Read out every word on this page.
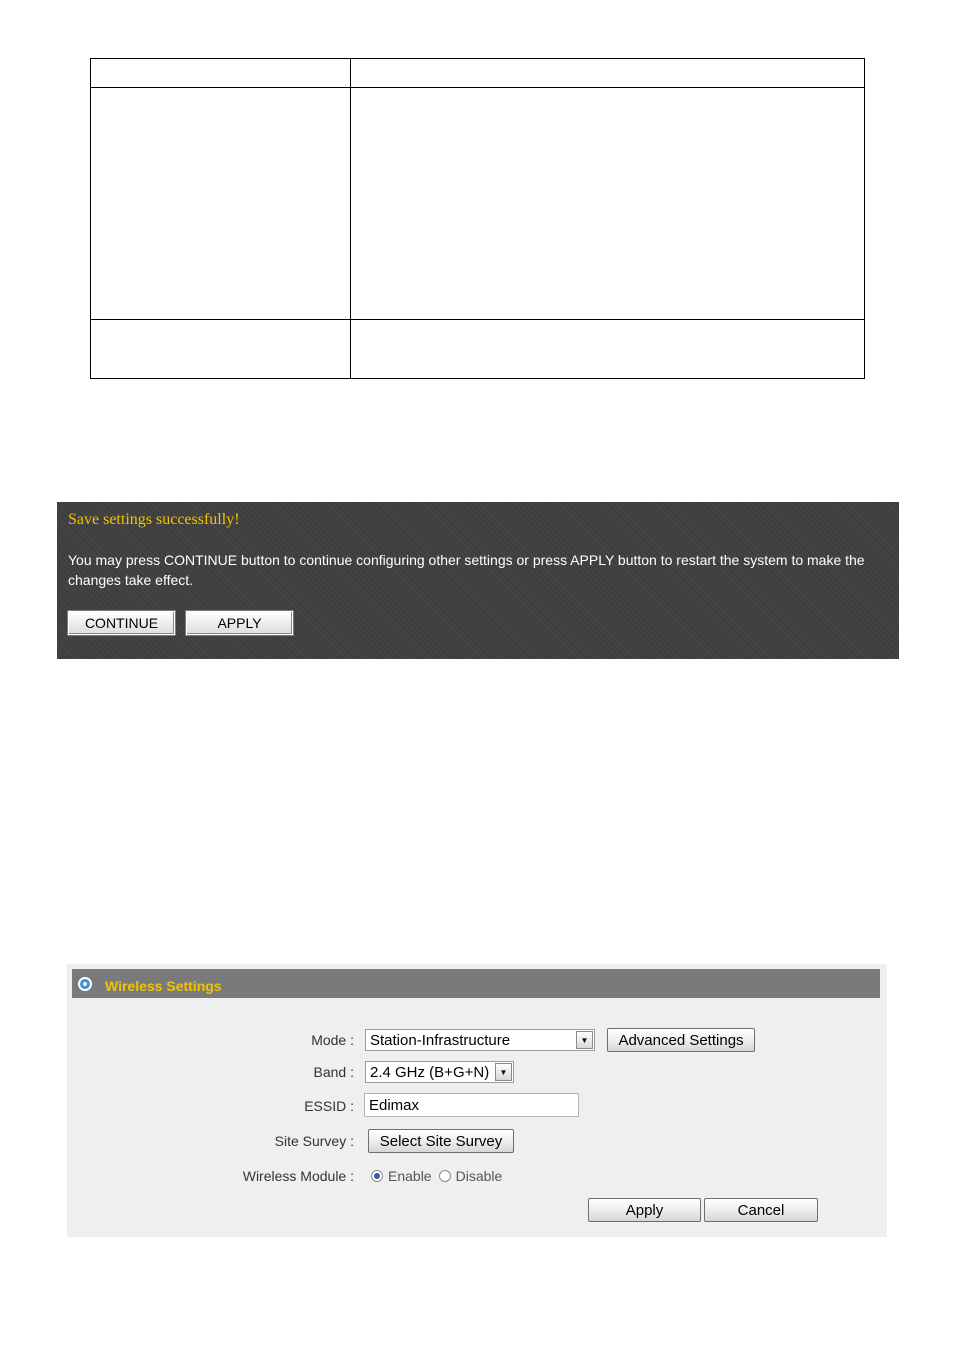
Save settings successfully!

You may press CONTINUE button to continue configuring other settings or press APPLY button to restart the system to make the changes take effect.

CONTINUE	APPLY
Wireless Settings
Mode : Station-Infrastructure	▼	Advanced Settings
Band : 2.4 GHz (B+G+N)	▼
ESSID :
Edimax
Site Survey :	Select Site Survey
Wireless Module : Enable Disable
Apply	Cancel
